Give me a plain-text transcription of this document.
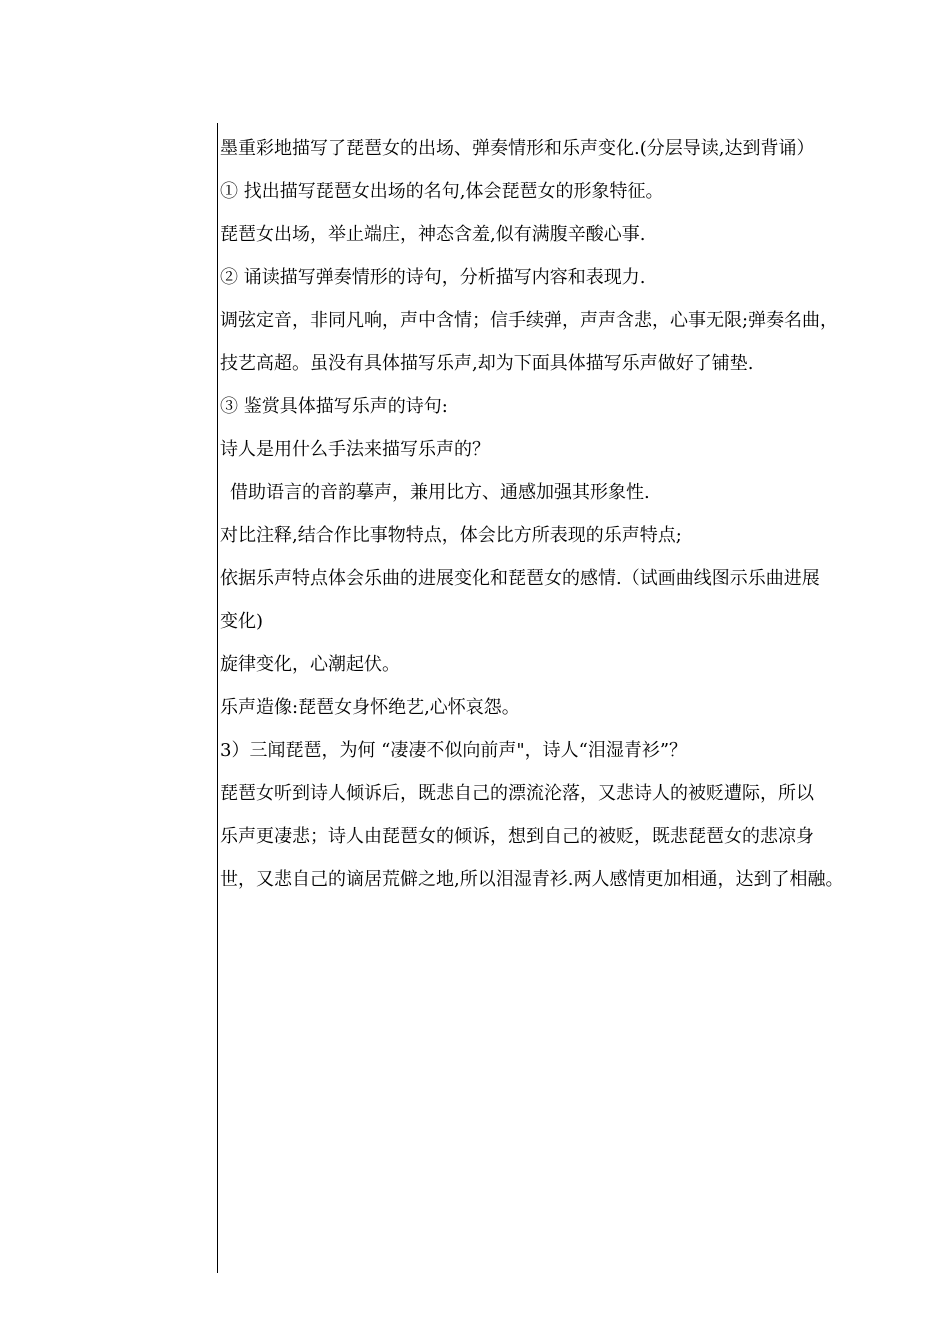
墨重彩地描写了琵琶女的出场、弹奏情形和乐声变化.(分层导读,达到背诵）
① 找出描写琵琶女出场的名句,体会琵琶女的形象特征。
琵琶女出场，举止端庄，神态含羞,似有满腹辛酸心事.
② 诵读描写弹奏情形的诗句，分析描写内容和表现力.
调弦定音，非同凡响，声中含情；信手续弹，声声含悲，心事无限;弹奏名曲，
技艺高超。虽没有具体描写乐声,却为下面具体描写乐声做好了铺垫.
③ 鉴赏具体描写乐声的诗句:
诗人是用什么手法来描写乐声的？
借助语言的音韵摹声，兼用比方、通感加强其形象性.
对比注释,结合作比事物特点，体会比方所表现的乐声特点;
依据乐声特点体会乐曲的进展变化和琵琶女的感情.（试画曲线图示乐曲进展
变化)
旋律变化，心潮起伏。
乐声造像:琵琶女身怀绝艺,心怀哀怨。
3）三闻琵琶，为何 “凄凄不似向前声"，诗人“泪湿青衫”？
琵琶女听到诗人倾诉后，既悲自己的漂流沦落，又悲诗人的被贬遭际，所以
乐声更凄悲；诗人由琵琶女的倾诉，想到自己的被贬，既悲琵琶女的悲凉身
世，又悲自己的谪居荒僻之地,所以泪湿青衫.两人感情更加相通，达到了相融。
